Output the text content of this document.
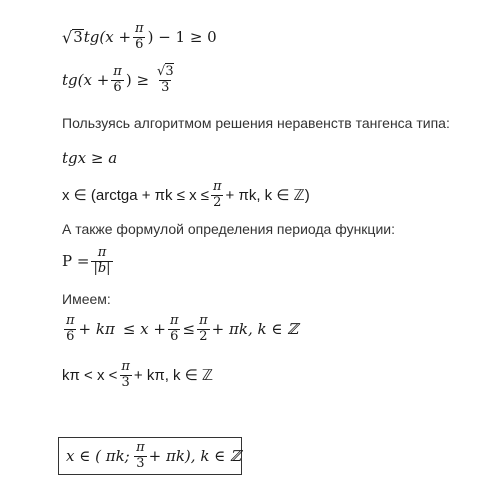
√ 3 $tg(x + \frac{\pi}{6}$ ) − 1 ≥ 0
$tg(x + \frac{\pi}{6}$ ) ≥ $\frac{√3}{3}$
Пользуясь алгоритмом решения неравенств тангенса типа:
tgx ≥ a
x ∈ (arctga + $\pi k \le x \le \frac{\pi}{2} + \pi k$, k ∈ ℤ)
А также формулой определения периода функции:
$P = \frac{\pi}{|b|}$
Имеем:
$\frac{\pi}{6} + k\pi \le x + \frac{\pi}{6} \le \frac{\pi}{2} + \pi k$, k ∈ ℤ
$k\pi < x < \frac{\pi}{3} + k\pi$, k ∈ ℤ
x ∈ ( πk; $\frac{\pi}{3} + \pi k$), k ∈ ℤ
